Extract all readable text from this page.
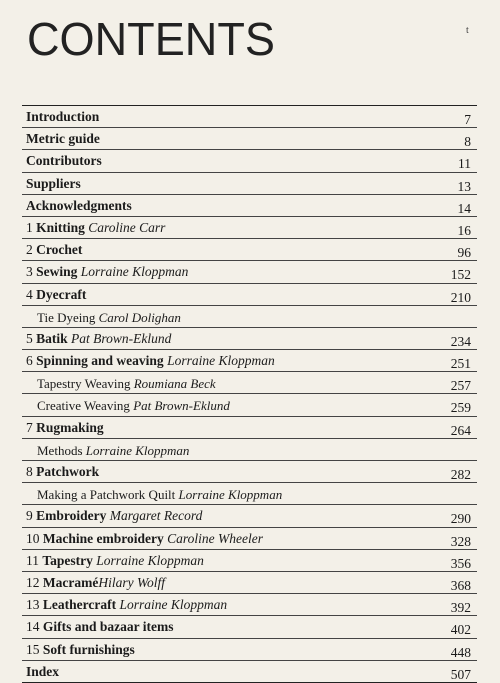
CONTENTS	t
Introduction	7
Metric guide	8
Contributors	11
Suppliers	13
Acknowledgments	14
1 Knitting Caroline Carr	16
2 Crochet	96
3 Sewing Lorraine Kloppman	152
4 Dyecraft	210
Tie Dyeing Carol Dolighan
5 Batik Pat Brown-Eklund	234
6 Spinning and weaving Lorraine Kloppman	251
Tapestry Weaving Roumiana Beck	257
Creative Weaving Pat Brown-Eklund	259
7 Rugmaking	264
Methods Lorraine Kloppman
8 Patchwork	282
Making a Patchwork Quilt Lorraine Kloppman
9 Embroidery Margaret Record	290
10 Machine embroidery Caroline Wheeler	328
11 Tapestry Lorraine Kloppman	356
12 MacraméHilary Wolff	368
13 Leathercraft Lorraine Kloppman	392
14 Gifts and bazaar items	402
15 Soft furnishings	448
Index	507
